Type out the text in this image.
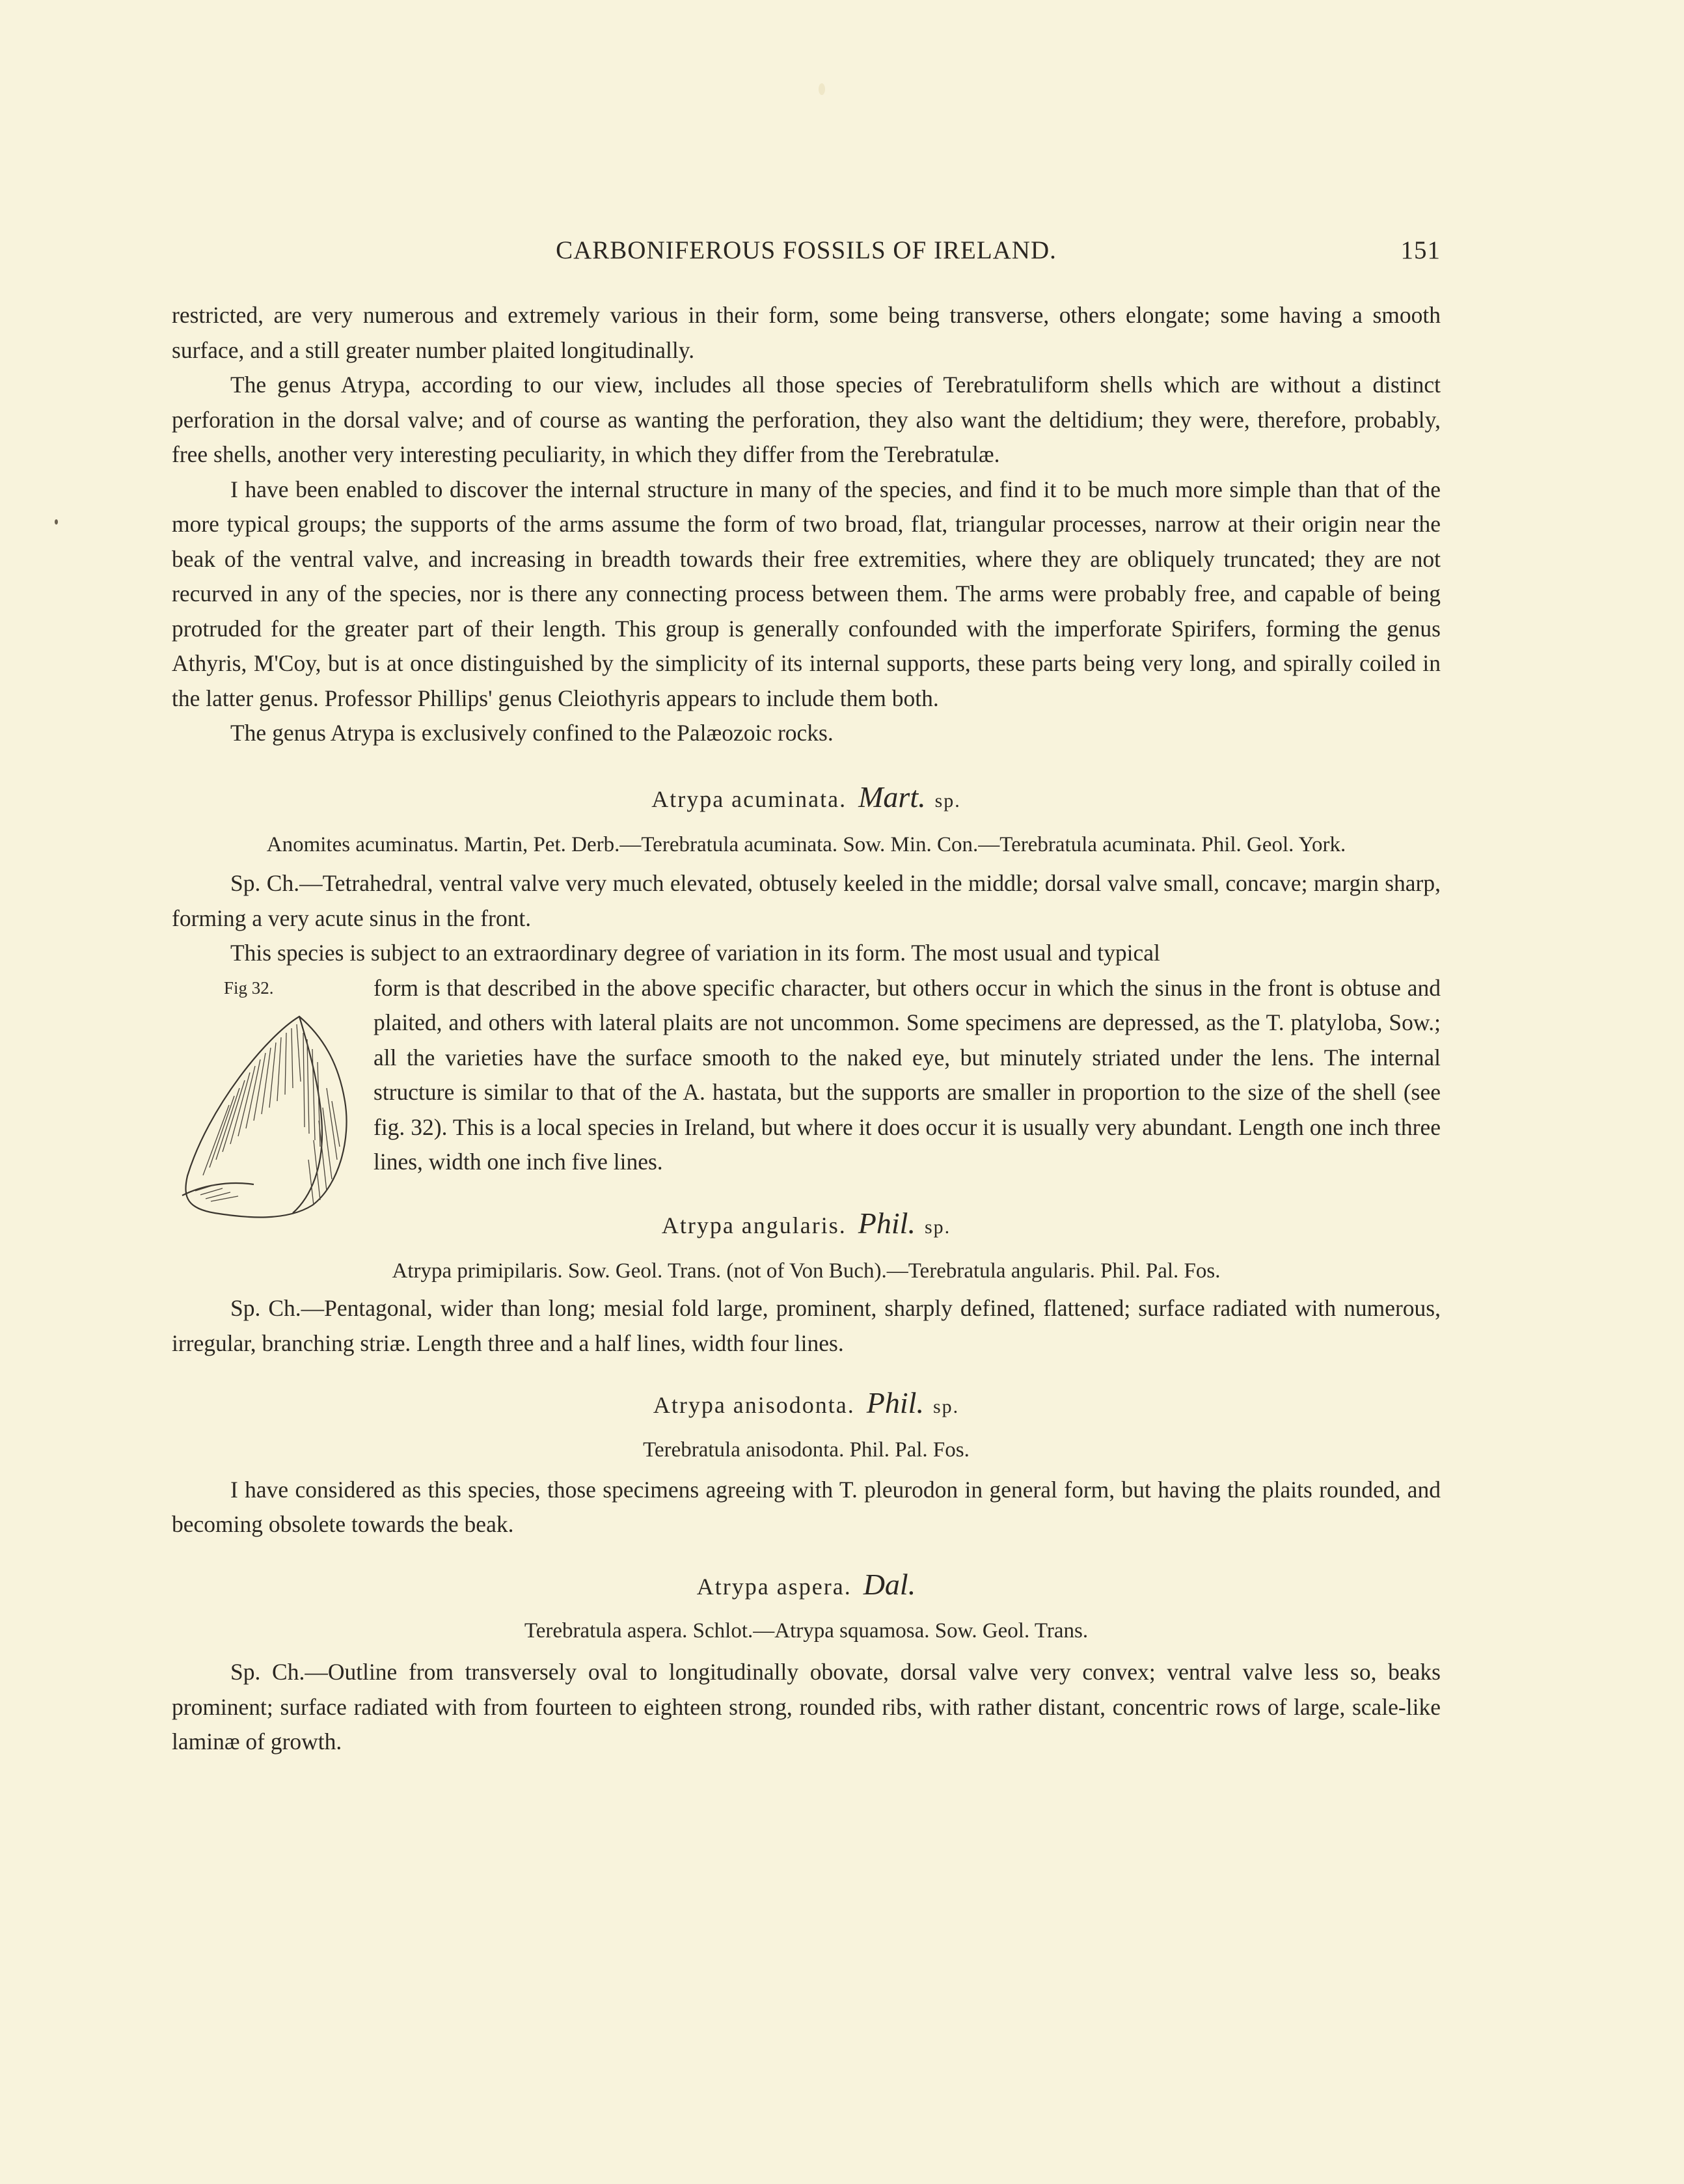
CARBONIFEROUS FOSSILS OF IRELAND.	151

restricted, are very numerous and extremely various in their form, some being transverse, others elongate; some having a smooth surface, and a still greater number plaited longitudinally.

The genus Atrypa, according to our view, includes all those species of Terebratuliform shells which are without a distinct perforation in the dorsal valve; and of course as wanting the perforation, they also want the deltidium; they were, therefore, probably, free shells, another very interesting peculiarity, in which they differ from the Terebratulæ.

I have been enabled to discover the internal structure in many of the species, and find it to be much more simple than that of the more typical groups; the supports of the arms assume the form of two broad, flat, triangular processes, narrow at their origin near the beak of the ventral valve, and increasing in breadth towards their free extremities, where they are obliquely truncated; they are not recurved in any of the species, nor is there any connecting process between them. The arms were probably free, and capable of being protruded for the greater part of their length. This group is generally confounded with the imperforate Spirifers, forming the genus Athyris, M'Coy, but is at once distinguished by the simplicity of its internal supports, these parts being very long, and spirally coiled in the latter genus. Professor Phillips' genus Cleiothyris appears to include them both.

The genus Atrypa is exclusively confined to the Palæozoic rocks.

Atrypa acuminata. Mart. sp.

Anomites acuminatus. Martin, Pet. Derb.—Terebratula acuminata. Sow. Min. Con.—Terebratula acuminata. Phil. Geol. York.

Sp. Ch.—Tetrahedral, ventral valve very much elevated, obtusely keeled in the middle; dorsal valve small, concave; margin sharp, forming a very acute sinus in the front.

This species is subject to an extraordinary degree of variation in its form. The most usual and typical

Fig 32.	form is that described in the above specific character, but others occur in which the sinus in the front is obtuse and plaited, and others with lateral plaits are not uncommon. Some specimens are depressed, as the T. platyloba, Sow.; all the varieties have the surface smooth to the naked eye, but minutely striated under the lens. The internal structure is similar to that of the A. hastata, but the supports are smaller in proportion to the size of the shell (see fig. 32). This is a local species in Ireland, but where it does occur it is usually very abundant. Length one inch three lines, width one inch five lines.

Atrypa angularis. Phil. sp.

Atrypa primipilaris. Sow. Geol. Trans. (not of Von Buch).—Terebratula angularis. Phil. Pal. Fos.

Sp. Ch.—Pentagonal, wider than long; mesial fold large, prominent, sharply defined, flattened; surface radiated with numerous, irregular, branching striæ. Length three and a half lines, width four lines.

Atrypa anisodonta. Phil. sp.

Terebratula anisodonta. Phil. Pal. Fos.

I have considered as this species, those specimens agreeing with T. pleurodon in general form, but having the plaits rounded, and becoming obsolete towards the beak.

Atrypa aspera. Dal.

Terebratula aspera. Schlot.—Atrypa squamosa. Sow. Geol. Trans.

Sp. Ch.—Outline from transversely oval to longitudinally obovate, dorsal valve very convex; ventral valve less so, beaks prominent; surface radiated with from fourteen to eighteen strong, rounded ribs, with rather distant, concentric rows of large, scale-like laminæ of growth.
